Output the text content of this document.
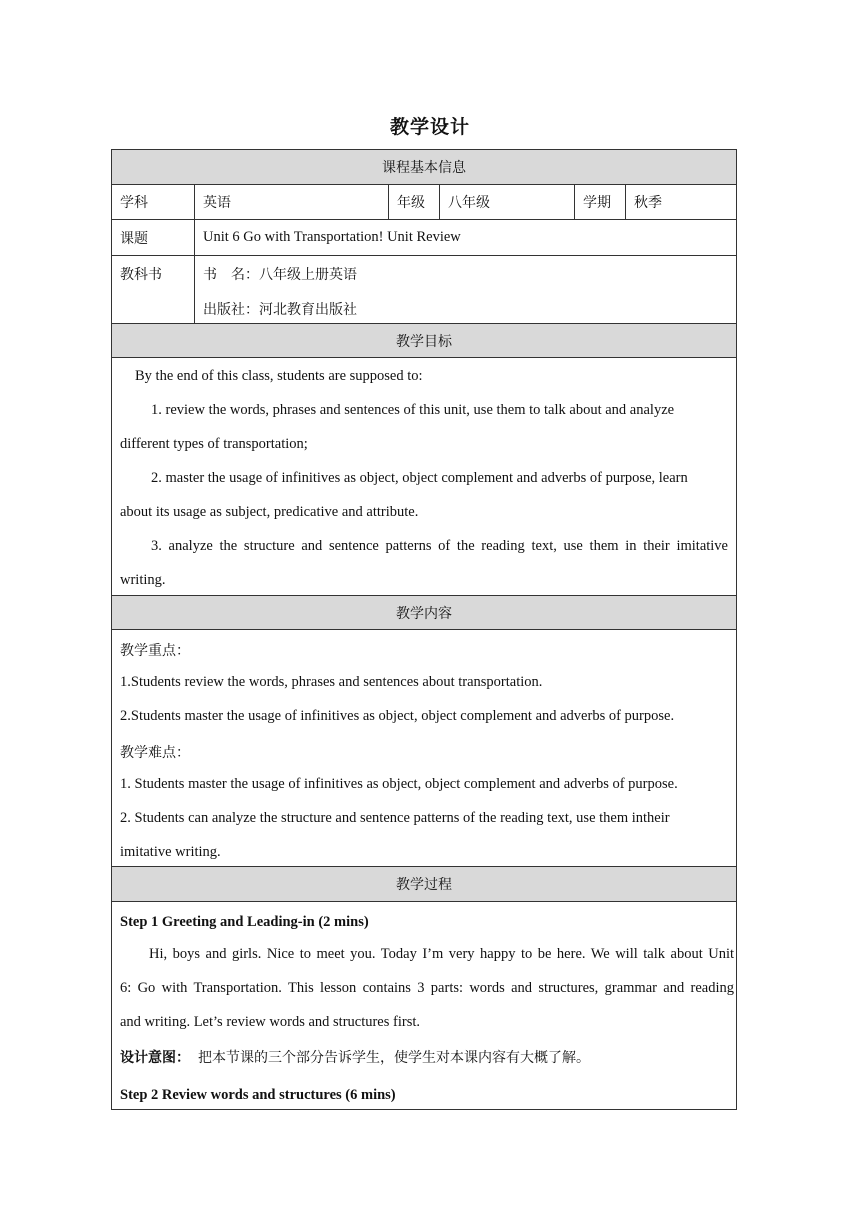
教学设计
课程基本信息
学科	英语	年级	八年级	学期	秋季
课题	Unit 6 Go with Transportation! Unit Review
教科书	书　名：八年级上册英语
出版社：河北教育出版社
教学目标
By the end of this class, students are supposed to:
1. review the words, phrases and sentences of this unit, use them to talk about and analyze
different types of transportation;
2. master the usage of infinitives as object, object complement and adverbs of purpose, learn
about its usage as subject, predicative and attribute.
3. analyze the structure and sentence patterns of the reading text, use them in their imitative
writing.
教学内容
教学重点：
1.Students review the words, phrases and sentences about transportation.
2.Students master the usage of infinitives as object, object complement and adverbs of purpose.
教学难点：
1. Students master the usage of infinitives as object, object complement and adverbs of purpose.
2. Students can analyze the structure and sentence patterns of the reading text, use them intheir
imitative writing.
教学过程
Step 1 Greeting and Leading-in (2 mins)
Hi, boys and girls. Nice to meet you. Today I’m very happy to be here. We will talk about Unit
6: Go with Transportation. This lesson contains 3 parts: words and structures, grammar and reading
and writing. Let’s review words and structures first.
设计意图： 把本节课的三个部分告诉学生，使学生对本课内容有大概了解。
Step 2 Review words and structures (6 mins)
